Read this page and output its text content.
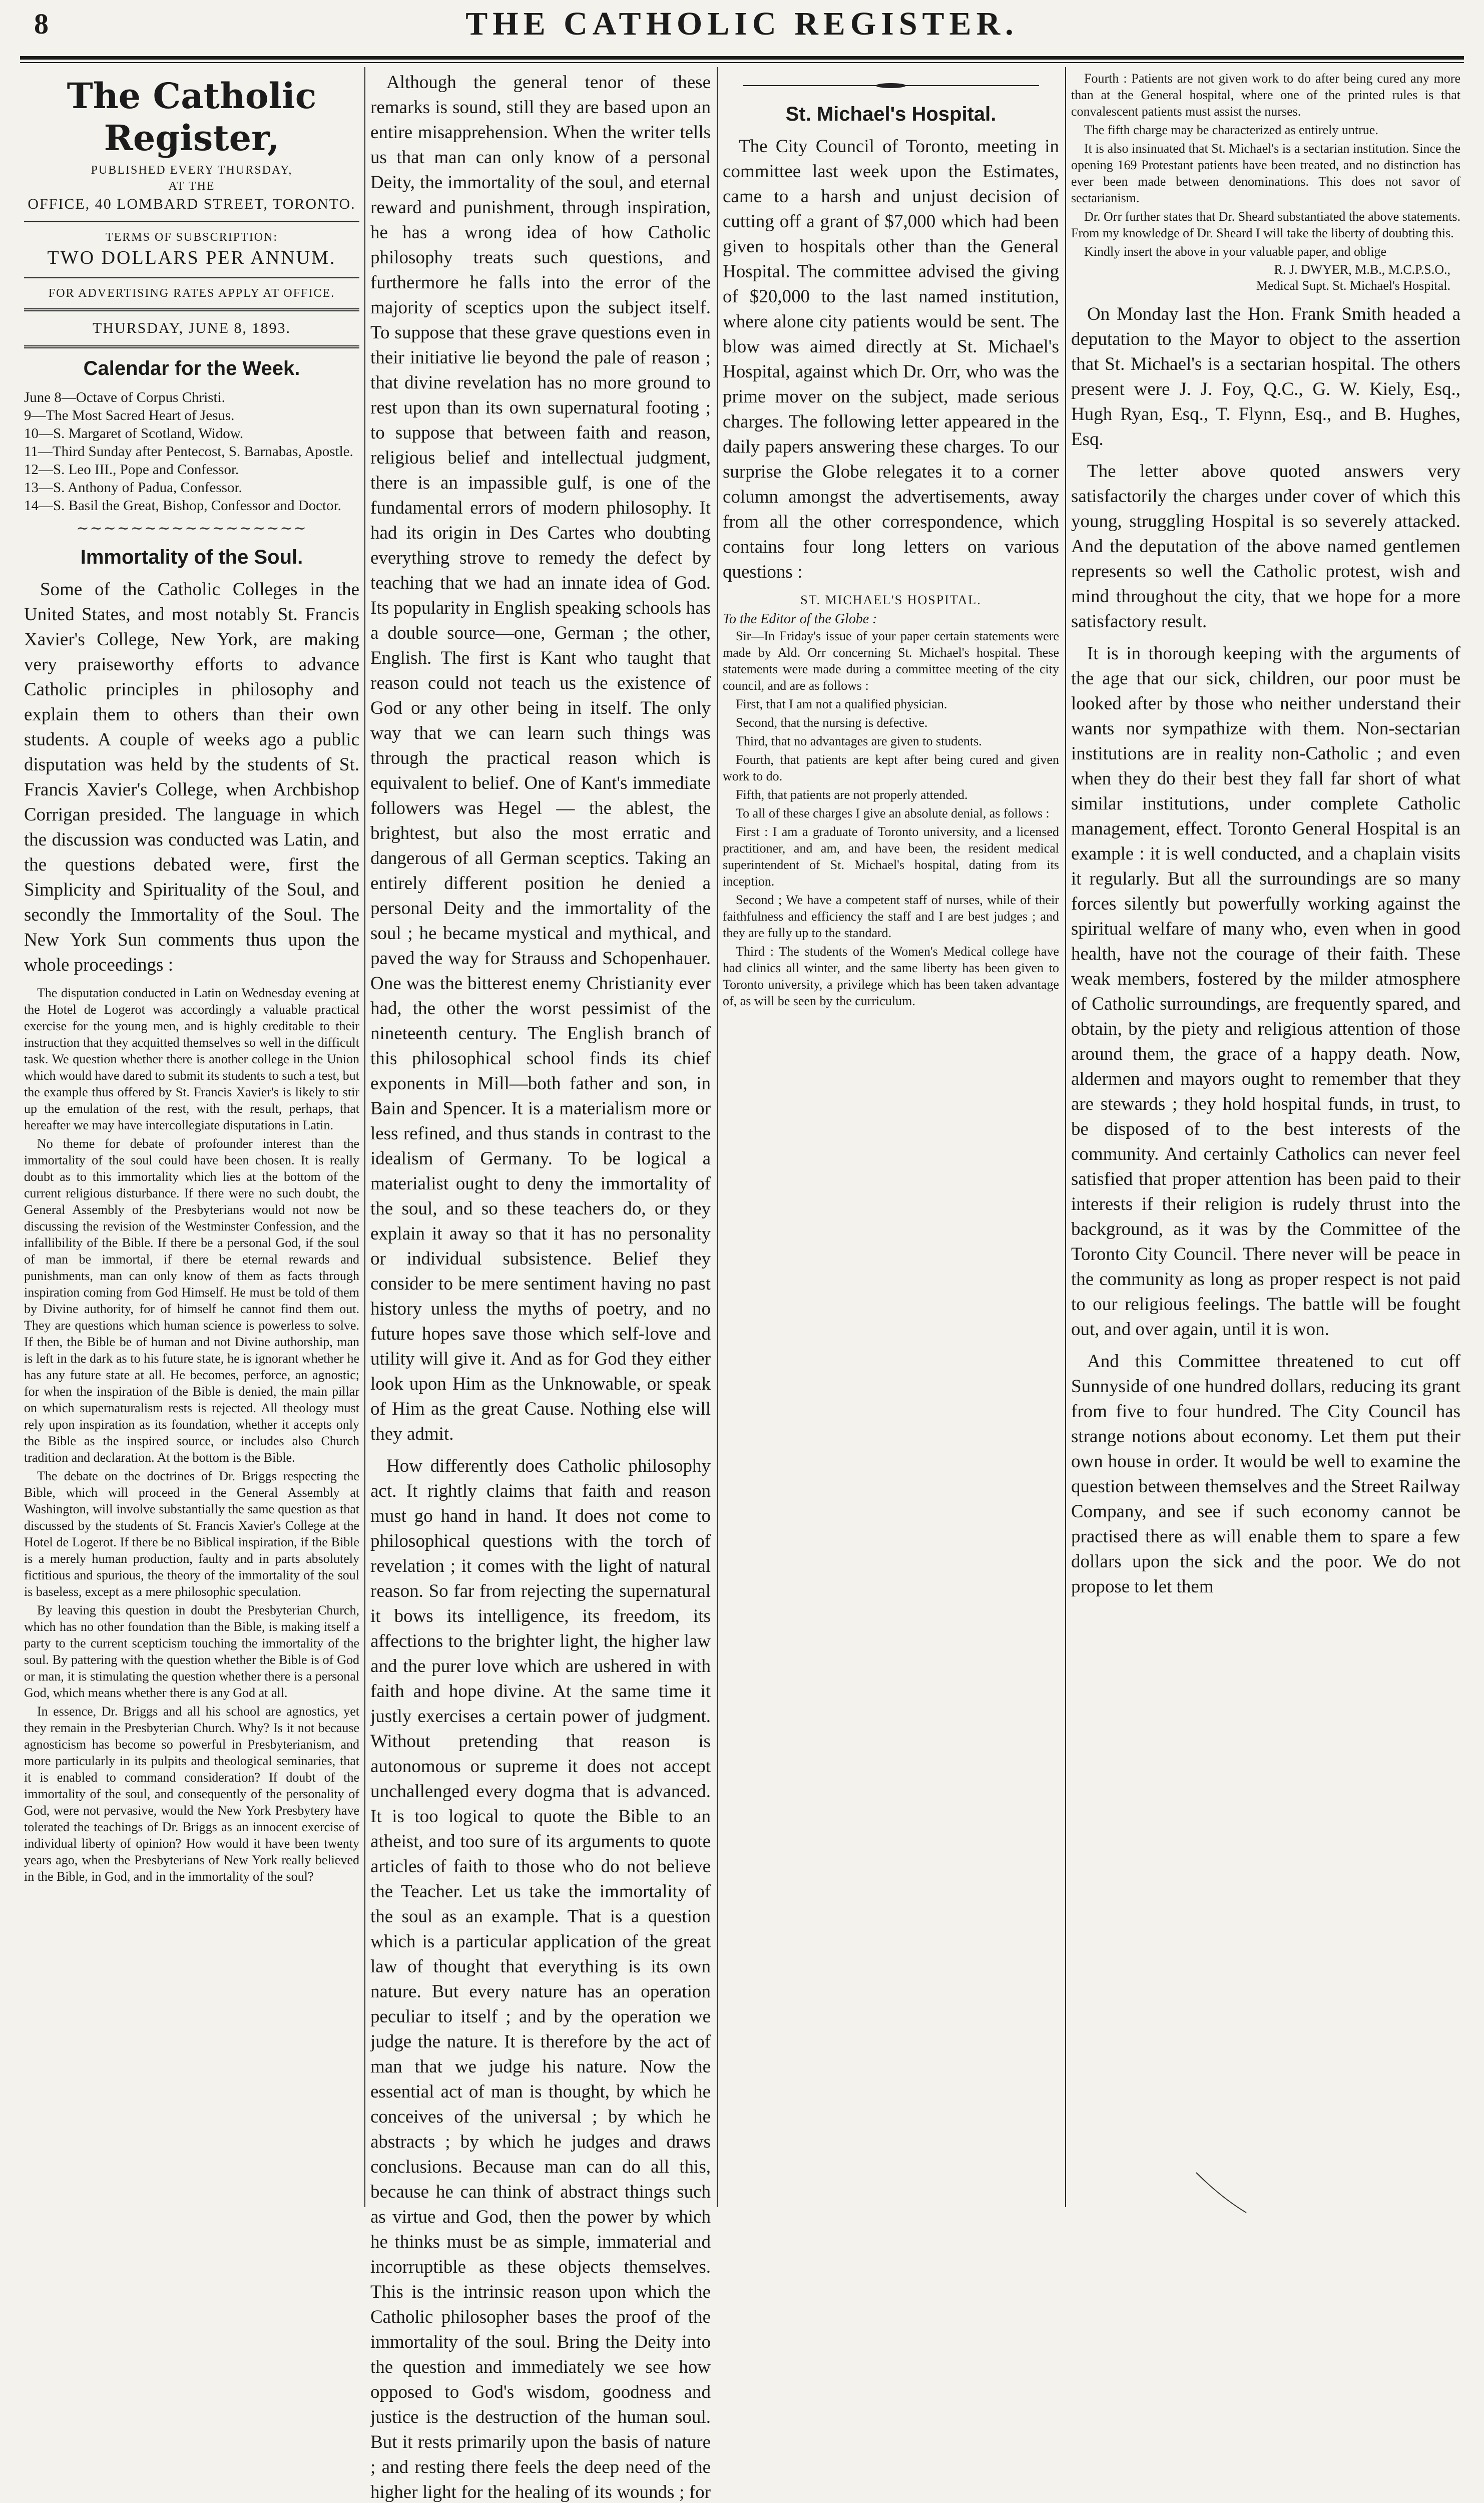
8	THE CATHOLIC REGISTER.
The Catholic Register,
PUBLISHED EVERY THURSDAY,
AT THE
OFFICE, 40 LOMBARD STREET, TORONTO.
TERMS OF SUBSCRIPTION:
TWO DOLLARS PER ANNUM.
FOR ADVERTISING RATES APPLY AT OFFICE.
THURSDAY, JUNE 8, 1893.
Calendar for the Week.
June 8—Octave of Corpus Christi.
9—The Most Sacred Heart of Jesus.
10—S. Margaret of Scotland, Widow.
11—Third Sunday after Pentecost, S. Barnabas, Apostle.
12—S. Leo III., Pope and Confessor.
13—S. Anthony of Padua, Confessor.
14—S. Basil the Great, Bishop, Confessor and Doctor.
∼∼∼∼∼∼∼∼∼∼∼∼∼∼∼∼∼
Immortality of the Soul.

Some of the Catholic Colleges in the United States, and most notably St. Francis Xavier's College, New York, are making very praiseworthy efforts to advance Catholic principles in philosophy and explain them to others than their own students. A couple of weeks ago a public disputation was held by the students of St. Francis Xavier's College, when Archbishop Corrigan presided. The language in which the discussion was conducted was Latin, and the questions debated were, first the Simplicity and Spirituality of the Soul, and secondly the Immortality of the Soul. The New York Sun comments thus upon the whole proceedings :

The disputation conducted in Latin on Wednesday evening at the Hotel de Logerot was accordingly a valuable practical exercise for the young men, and is highly creditable to their instruction that they acquitted themselves so well in the difficult task. We question whether there is another college in the Union which would have dared to submit its students to such a test, but the example thus offered by St. Francis Xavier's is likely to stir up the emulation of the rest, with the result, perhaps, that hereafter we may have intercollegiate disputations in Latin.

No theme for debate of profounder interest than the immortality of the soul could have been chosen. It is really doubt as to this immortality which lies at the bottom of the current religious disturbance. If there were no such doubt, the General Assembly of the Presbyterians would not now be discussing the revision of the Westminster Confession, and the infallibility of the Bible. If there be a personal God, if the soul of man be immortal, if there be eternal rewards and punishments, man can only know of them as facts through inspiration coming from God Himself. He must be told of them by Divine authority, for of himself he cannot find them out. They are questions which human science is powerless to solve. If then, the Bible be of human and not Divine authorship, man is left in the dark as to his future state, he is ignorant whether he has any future state at all. He becomes, perforce, an agnostic; for when the inspiration of the Bible is denied, the main pillar on which supernaturalism rests is rejected. All theology must rely upon inspiration as its foundation, whether it accepts only the Bible as the inspired source, or includes also Church tradition and declaration. At the bottom is the Bible.

The debate on the doctrines of Dr. Briggs respecting the Bible, which will proceed in the General Assembly at Washington, will involve substantially the same question as that discussed by the students of St. Francis Xavier's College at the Hotel de Logerot. If there be no Biblical inspiration, if the Bible is a merely human production, faulty and in parts absolutely fictitious and spurious, the theory of the immortality of the soul is baseless, except as a mere philosophic speculation.

By leaving this question in doubt the Presbyterian Church, which has no other foundation than the Bible, is making itself a party to the current scepticism touching the immortality of the soul. By pattering with the question whether the Bible is of God or man, it is stimulating the question whether there is a personal God, which means whether there is any God at all.

In essence, Dr. Briggs and all his school are agnostics, yet they remain in the Presbyterian Church. Why? Is it not because agnosticism has become so powerful in Presbyterianism, and more particularly in its pulpits and theological seminaries, that it is enabled to command consideration? If doubt of the immortality of the soul, and consequently of the personality of God, were not pervasive, would the New York Presbytery have tolerated the teachings of Dr. Briggs as an innocent exercise of individual liberty of opinion? How would it have been twenty years ago, when the Presbyterians of New York really believed in the Bible, in God, and in the immortality of the soul?

Although the general tenor of these remarks is sound, still they are based upon an entire misapprehension. When the writer tells us that man can only know of a personal Deity, the immortality of the soul, and eternal reward and punishment, through inspiration, he has a wrong idea of how Catholic philosophy treats such questions, and furthermore he falls into the error of the majority of sceptics upon the subject itself. To suppose that these grave questions even in their initiative lie beyond the pale of reason ; that divine revelation has no more ground to rest upon than its own supernatural footing ; to suppose that between faith and reason, religious belief and intellectual judgment, there is an impassible gulf, is one of the fundamental errors of modern philosophy. It had its origin in Des Cartes who doubting everything strove to remedy the defect by teaching that we had an innate idea of God. Its popularity in English speaking schools has a double source—one, German ; the other, English. The first is Kant who taught that reason could not teach us the existence of God or any other being in itself. The only way that we can learn such things was through the practical reason which is equivalent to belief. One of Kant's immediate followers was Hegel — the ablest, the brightest, but also the most erratic and dangerous of all German sceptics. Taking an entirely different position he denied a personal Deity and the immortality of the soul ; he became mystical and mythical, and paved the way for Strauss and Schopenhauer. One was the bitterest enemy Christianity ever had, the other the worst pessimist of the nineteenth century. The English branch of this philosophical school finds its chief exponents in Mill—both father and son, in Bain and Spencer. It is a materialism more or less refined, and thus stands in contrast to the idealism of Germany. To be logical a materialist ought to deny the immortality of the soul, and so these teachers do, or they explain it away so that it has no personality or individual subsistence. Belief they consider to be mere sentiment having no past history unless the myths of poetry, and no future hopes save those which self-love and utility will give it. And as for God they either look upon Him as the Unknowable, or speak of Him as the great Cause. Nothing else will they admit.

How differently does Catholic philosophy act. It rightly claims that faith and reason must go hand in hand. It does not come to philosophical questions with the torch of revelation ; it comes with the light of natural reason. So far from rejecting the supernatural it bows its intelligence, its freedom, its affections to the brighter light, the higher law and the purer love which are ushered in with faith and hope divine. At the same time it justly exercises a certain power of judgment. Without pretending that reason is autonomous or supreme it does not accept unchallenged every dogma that is advanced. It is too logical to quote the Bible to an atheist, and too sure of its arguments to quote articles of faith to those who do not believe the Teacher. Let us take the immortality of the soul as an example. That is a question which is a particular application of the great law of thought that everything is its own nature. But every nature has an operation peculiar to itself ; and by the operation we judge the nature. It is therefore by the act of man that we judge his nature. Now the essential act of man is thought, by which he conceives of the universal ; by which he abstracts ; by which he judges and draws conclusions. Because man can do all this, because he can think of abstract things such as virtue and God, then the power by which he thinks must be as simple, immaterial and incorruptible as these objects themselves. This is the intrinsic reason upon which the Catholic philosopher bases the proof of the immortality of the soul. Bring the Deity into the question and immediately we see how opposed to God's wisdom, goodness and justice is the destruction of the human soul. But it rests primarily upon the basis of nature ; and resting there feels the deep need of the higher light for the healing of its wounds ; for

St. Michael's Hospital.

The City Council of Toronto, meeting in committee last week upon the Estimates, came to a harsh and unjust decision of cutting off a grant of $7,000 which had been given to hospitals other than the General Hospital. The committee advised the giving of $20,000 to the last named institution, where alone city patients would be sent. The blow was aimed directly at St. Michael's Hospital, against which Dr. Orr, who was the prime mover on the subject, made serious charges. The following letter appeared in the daily papers answering these charges. To our surprise the Globe relegates it to a corner column amongst the advertisements, away from all the other correspondence, which contains four long letters on various questions :

ST. MICHAEL'S HOSPITAL.
To the Editor of the Globe :

Sir—In Friday's issue of your paper certain statements were made by Ald. Orr concerning St. Michael's hospital. These statements were made during a committee meeting of the city council, and are as follows :

First, that I am not a qualified physician.

Second, that the nursing is defective.

Third, that no advantages are given to students.

Fourth, that patients are kept after being cured and given work to do.

Fifth, that patients are not properly attended.

To all of these charges I give an absolute denial, as follows :

First : I am a graduate of Toronto university, and a licensed practitioner, and am, and have been, the resident medical superintendent of St. Michael's hospital, dating from its inception.

Second ; We have a competent staff of nurses, while of their faithfulness and efficiency the staff and I are best judges ; and they are fully up to the standard.

Third : The students of the Women's Medical college have had clinics all winter, and the same liberty has been given to Toronto university, a privilege which has been taken advantage of, as will be seen by the curriculum.

Fourth : Patients are not given work to do after being cured any more than at the General hospital, where one of the printed rules is that convalescent patients must assist the nurses.

The fifth charge may be characterized as entirely untrue.

It is also insinuated that St. Michael's is a sectarian institution. Since the opening 169 Protestant patients have been treated, and no distinction has ever been made between denominations. This does not savor of sectarianism.

Dr. Orr further states that Dr. Sheard substantiated the above statements. From my knowledge of Dr. Sheard I will take the liberty of doubting this.

Kindly insert the above in your valuable paper, and oblige

R. J. DWYER, M.B., M.C.P.S.O.,
Medical Supt. St. Michael's Hospital.

On Monday last the Hon. Frank Smith headed a deputation to the Mayor to object to the assertion that St. Michael's is a sectarian hospital. The others present were J. J. Foy, Q.C., G. W. Kiely, Esq., Hugh Ryan, Esq., T. Flynn, Esq., and B. Hughes, Esq.

The letter above quoted answers very satisfactorily the charges under cover of which this young, struggling Hospital is so severely attacked. And the deputation of the above named gentlemen represents so well the Catholic protest, wish and mind throughout the city, that we hope for a more satisfactory result.

It is in thorough keeping with the arguments of the age that our sick, children, our poor must be looked after by those who neither understand their wants nor sympathize with them. Non-sectarian institutions are in reality non-Catholic ; and even when they do their best they fall far short of what similar institutions, under complete Catholic management, effect. Toronto General Hospital is an example : it is well conducted, and a chaplain visits it regularly. But all the surroundings are so many forces silently but powerfully working against the spiritual welfare of many who, even when in good health, have not the courage of their faith. These weak members, fostered by the milder atmosphere of Catholic surroundings, are frequently spared, and obtain, by the piety and religious attention of those around them, the grace of a happy death. Now, aldermen and mayors ought to remember that they are stewards ; they hold hospital funds, in trust, to be disposed of to the best interests of the community. And certainly Catholics can never feel satisfied that proper attention has been paid to their interests if their religion is rudely thrust into the background, as it was by the Committee of the Toronto City Council. There never will be peace in the community as long as proper respect is not paid to our religious feelings. The battle will be fought out, and over again, until it is won.

And this Committee threatened to cut off Sunnyside of one hundred dollars, reducing its grant from five to four hundred. The City Council has strange notions about economy. Let them put their own house in order. It would be well to examine the question between themselves and the Street Railway Company, and see if such economy cannot be practised there as will enable them to spare a few dollars upon the sick and the poor. We do not propose to let them
